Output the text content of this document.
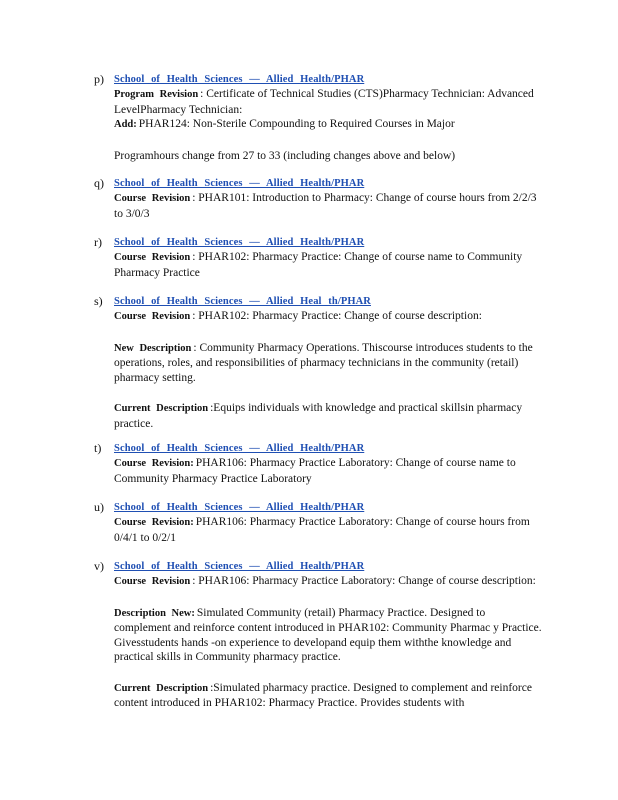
p) School of Health Sciences — Allied Health/PHAR
Program Revision : Certificate of Technical Studies (CTS)Pharmacy Technician: Advanced LevelPharmacy Technician:
Add: PHAR124: Non-Sterile Compounding to Required Courses in Major
Programhours change from 27 to 33 (including changes above and below)
q) School of Health Sciences — Allied Health/PHAR
Course Revision : PHAR101: Introduction to Pharmacy: Change of course hours from 2/2/3 to 3/0/3
r)	School of Health Sciences — Allied Health/PHAR
Course Revision : PHAR102: Pharmacy Practice: Change of course name to Community Pharmacy Practice
s)	School of Health Sciences — Allied Heal th/PHAR
Course Revision : PHAR102: Pharmacy Practice: Change of course description:
New Description : Community Pharmacy Operations. Thiscourse introduces students to the operations, roles, and responsibilities of pharmacy technicians in the community (retail) pharmacy setting.
Current Description :Equips individuals with knowledge and practical skillsin pharmacy practice.
t)	School of Health Sciences — Allied Health/PHAR
Course Revision: PHAR106: Pharmacy Practice Laboratory: Change of course name to Community Pharmacy Practice Laboratory
u) School of Health Sciences — Allied Health/PHAR
Course Revision: PHAR106: Pharmacy Practice Laboratory: Change of course hours from 0/4/1 to 0/2/1
v) School of Health Sciences — Allied Health/PHAR
Course Revision : PHAR106: Pharmacy Practice Laboratory: Change of course description:
Description New: Simulated Community (retail) Pharmacy Practice. Designed to complement and reinforce content introduced in PHAR102: Community Pharmac y Practice. Givesstudents hands -on experience to developand equip them withthe knowledge and practical skills in Community pharmacy practice.
Current Description :Simulated pharmacy practice. Designed to complement and reinforce content introduced in PHAR102: Pharmacy Practice. Provides students with
